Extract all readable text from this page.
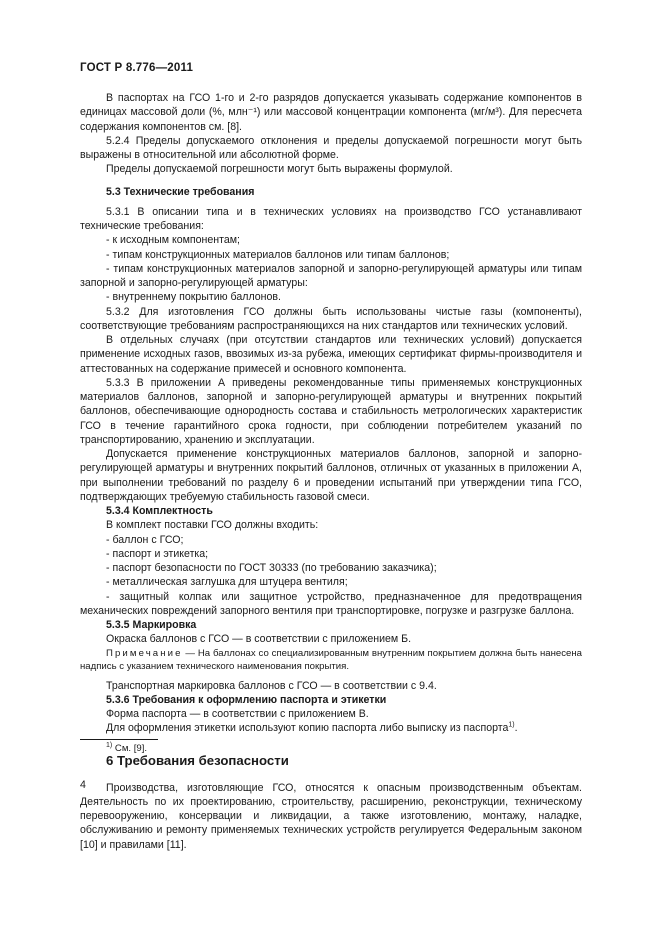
ГОСТ Р 8.776—2011

В паспортах на ГСО 1-го и 2-го разрядов допускается указывать содержание компонентов в единицах массовой доли (%, млн⁻¹) или массовой концентрации компонента (мг/м³). Для пересчета содержания компонентов см. [8].

5.2.4 Пределы допускаемого отклонения и пределы допускаемой погрешности могут быть выражены в относительной или абсолютной форме.

Пределы допускаемой погрешности могут быть выражены формулой.

5.3 Технические требования

5.3.1 В описании типа и в технических условиях на производство ГСО устанавливают технические требования:

- к исходным компонентам;

- типам конструкционных материалов баллонов или типам баллонов;

- типам конструкционных материалов запорной и запорно-регулирующей арматуры или типам запорной и запорно-регулирующей арматуры:

- внутреннему покрытию баллонов.

5.3.2 Для изготовления ГСО должны быть использованы чистые газы (компоненты), соответствующие требованиям распространяющихся на них стандартов или технических условий.

В отдельных случаях (при отсутствии стандартов или технических условий) допускается применение исходных газов, ввозимых из-за рубежа, имеющих сертификат фирмы-производителя и аттестованных на содержание примесей и основного компонента.

5.3.3 В приложении А приведены рекомендованные типы применяемых конструкционных материалов баллонов, запорной и запорно-регулирующей арматуры и внутренних покрытий баллонов, обеспечивающие однородность состава и стабильность метрологических характеристик ГСО в течение гарантийного срока годности, при соблюдении потребителем указаний по транспортированию, хранению и эксплуатации.

Допускается применение конструкционных материалов баллонов, запорной и запорно-регулирующей арматуры и внутренних покрытий баллонов, отличных от указанных в приложении А, при выполнении требований по разделу 6 и проведении испытаний при утверждении типа ГСО, подтверждающих требуемую стабильность газовой смеси.

5.3.4 Комплектность

В комплект поставки ГСО должны входить:

- баллон с ГСО;

- паспорт и этикетка;

- паспорт безопасности по ГОСТ 30333 (по требованию заказчика);

- металлическая заглушка для штуцера вентиля;

- защитный колпак или защитное устройство, предназначенное для предотвращения механических повреждений запорного вентиля при транспортировке, погрузке и разгрузке баллона.

5.3.5 Маркировка

Окраска баллонов с ГСО — в соответствии с приложением Б.

Примечание — На баллонах со специализированным внутренним покрытием должна быть нанесена надпись с указанием технического наименования покрытия.

Транспортная маркировка баллонов с ГСО — в соответствии с 9.4.

5.3.6 Требования к оформлению паспорта и этикетки

Форма паспорта — в соответствии с приложением В.

Для оформления этикетки используют копию паспорта либо выписку из паспорта$^{1)}$.

6 Требования безопасности

Производства, изготовляющие ГСО, относятся к опасным производственным объектам. Деятельность по их проектированию, строительству, расширению, реконструкции, техническому перевооружению, консервации и ликвидации, а также изготовлению, монтажу, наладке, обслуживанию и ремонту применяемых технических устройств регулируется Федеральным законом [10] и правилами [11].

$^{1)}$ См. [9].
4
